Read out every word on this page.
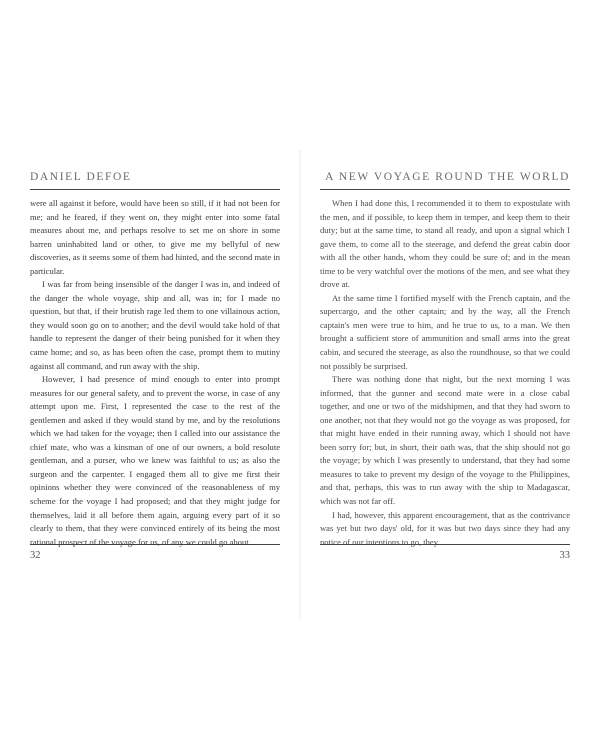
DANIEL DEFOE

were all against it before, would have been so still, if it had not been for me; and he feared, if they went on, they might enter into some fatal measures about me, and perhaps resolve to set me on shore in some barren uninhabited land or other, to give me my bellyful of new discoveries, as it seems some of them had hinted, and the second mate in particular.

I was far from being insensible of the danger I was in, and indeed of the danger the whole voyage, ship and all, was in; for I made no question, but that, if their brutish rage led them to one villainous action, they would soon go on to another; and the devil would take hold of that handle to represent the danger of their being punished for it when they came home; and so, as has been often the case, prompt them to mutiny against all command, and run away with the ship.

However, I had presence of mind enough to enter into prompt measures for our general safety, and to prevent the worse, in case of any attempt upon me. First, I represented the case to the rest of the gentlemen and asked if they would stand by me, and by the resolutions which we had taken for the voyage; then I called into our assistance the chief mate, who was a kinsman of one of our owners, a bold resolute gentleman, and a purser, who we knew was faithful to us; as also the surgeon and the carpenter. I engaged them all to give me first their opinions whether they were convinced of the reasonableness of my scheme for the voyage I had proposed; and that they might judge for themselves, laid it all before them again, arguing every part of it so clearly to them, that they were convinced entirely of its being the most rational prospect of the voyage for us, of any we could go about.

32
A NEW VOYAGE ROUND THE WORLD

When I had done this, I recommended it to them to expostulate with the men, and if possible, to keep them in temper, and keep them to their duty; but at the same time, to stand all ready, and upon a signal which I gave them, to come all to the steerage, and defend the great cabin door with all the other hands, whom they could be sure of; and in the mean time to be very watchful over the motions of the men, and see what they drove at.

At the same time I fortified myself with the French captain, and the supercargo, and the other captain; and by the way, all the French captain's men were true to him, and he true to us, to a man. We then brought a sufficient store of ammunition and small arms into the great cabin, and secured the steerage, as also the roundhouse, so that we could not possibly be surprised.

There was nothing done that night, but the next morning I was informed, that the gunner and second mate were in a close cabal together, and one or two of the midshipmen, and that they had sworn to one another, not that they would not go the voyage as was proposed, for that might have ended in their running away, which I should not have been sorry for; but, in short, their oath was, that the ship should not go the voyage; by which I was presently to understand, that they had some measures to take to prevent my design of the voyage to the Philippines, and that, perhaps, this was to run away with the ship to Madagascar, which was not far off.

I had, however, this apparent encouragement, that as the contrivance was yet but two days' old, for it was but two days since they had any notice of our intentions to go, they

33
